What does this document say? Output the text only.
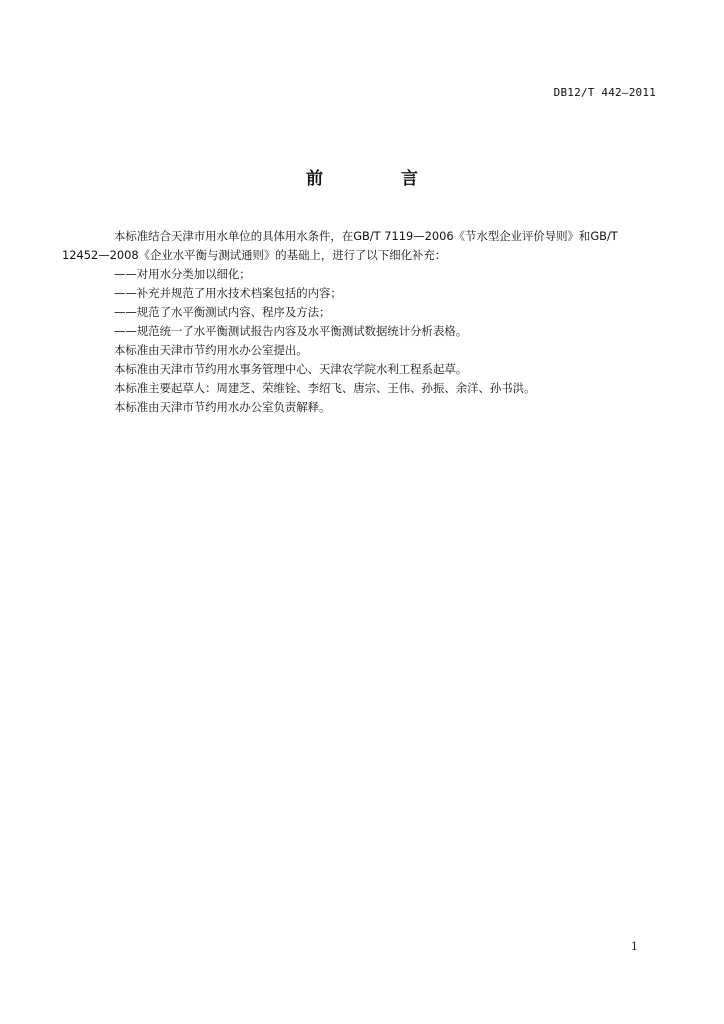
DB12/T 442—2011
前 言

本标准结合天津市用水单位的具体用水条件，在GB/T 7119—2006《节水型企业评价导则》和GB/T

12452—2008《企业水平衡与测试通则》的基础上，进行了以下细化补充：

——对用水分类加以细化；

——补充并规范了用水技术档案包括的内容；

——规范了水平衡测试内容、程序及方法；

——规范统一了水平衡测试报告内容及水平衡测试数据统计分析表格。

本标准由天津市节约用水办公室提出。

本标准由天津市节约用水事务管理中心、天津农学院水利工程系起草。

本标准主要起草人：周建芝、荣维铨、李绍飞、唐宗、王伟、孙振、余洋、孙书洪。

本标准由天津市节约用水办公室负责解释。

1
